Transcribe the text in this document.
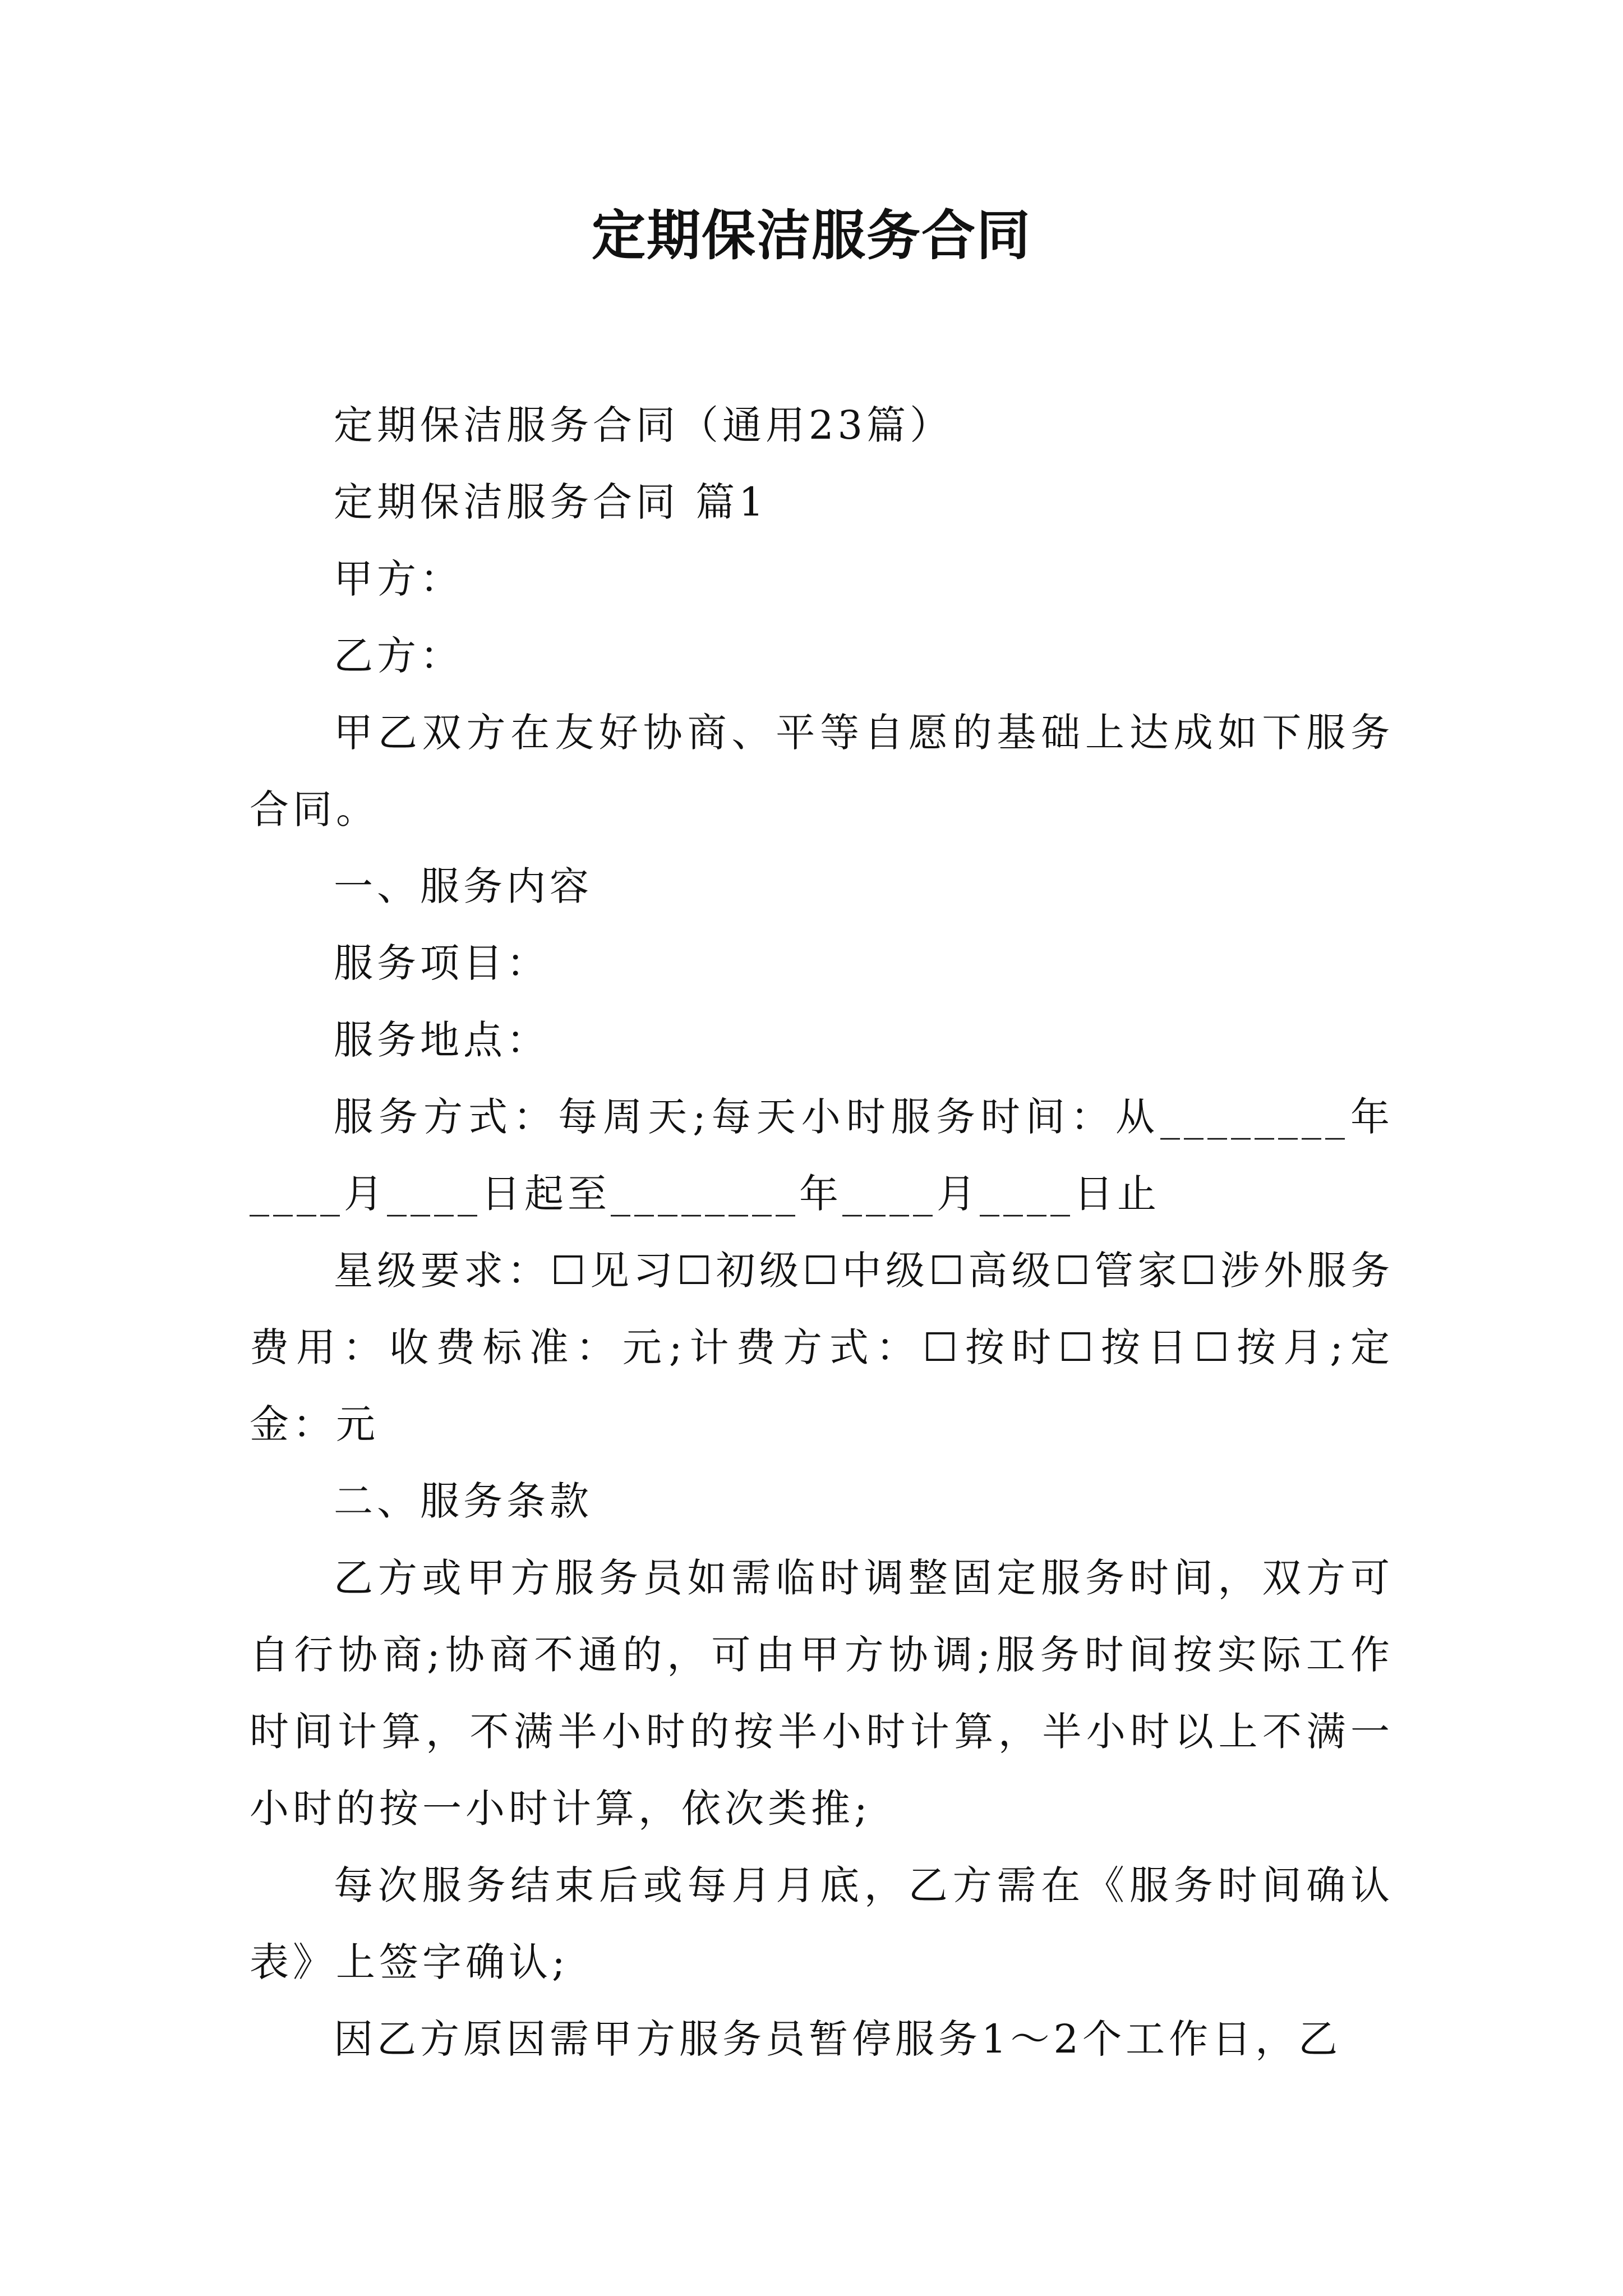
定期保洁服务合同

定期保洁服务合同（通用23篇）

定期保洁服务合同 篇1

甲方：

乙方：

甲乙双方在友好协商、平等自愿的基础上达成如下服务合同。

一、服务内容

服务项目：

服务地点：

服务方式：每周天;每天小时服务时间：从________年____月____日起至________年____月____日止

星级要求：☐见习☐初级☐中级☐高级☐管家☐涉外服务费用：收费标准：元;计费方式：☐按时☐按日☐按月;定金：元

二、服务条款

乙方或甲方服务员如需临时调整固定服务时间，双方可自行协商;协商不通的，可由甲方协调;服务时间按实际工作时间计算，不满半小时的按半小时计算，半小时以上不满一小时的按一小时计算，依次类推;

每次服务结束后或每月月底，乙方需在《服务时间确认表》上签字确认;

因乙方原因需甲方服务员暂停服务1～2个工作日，乙
